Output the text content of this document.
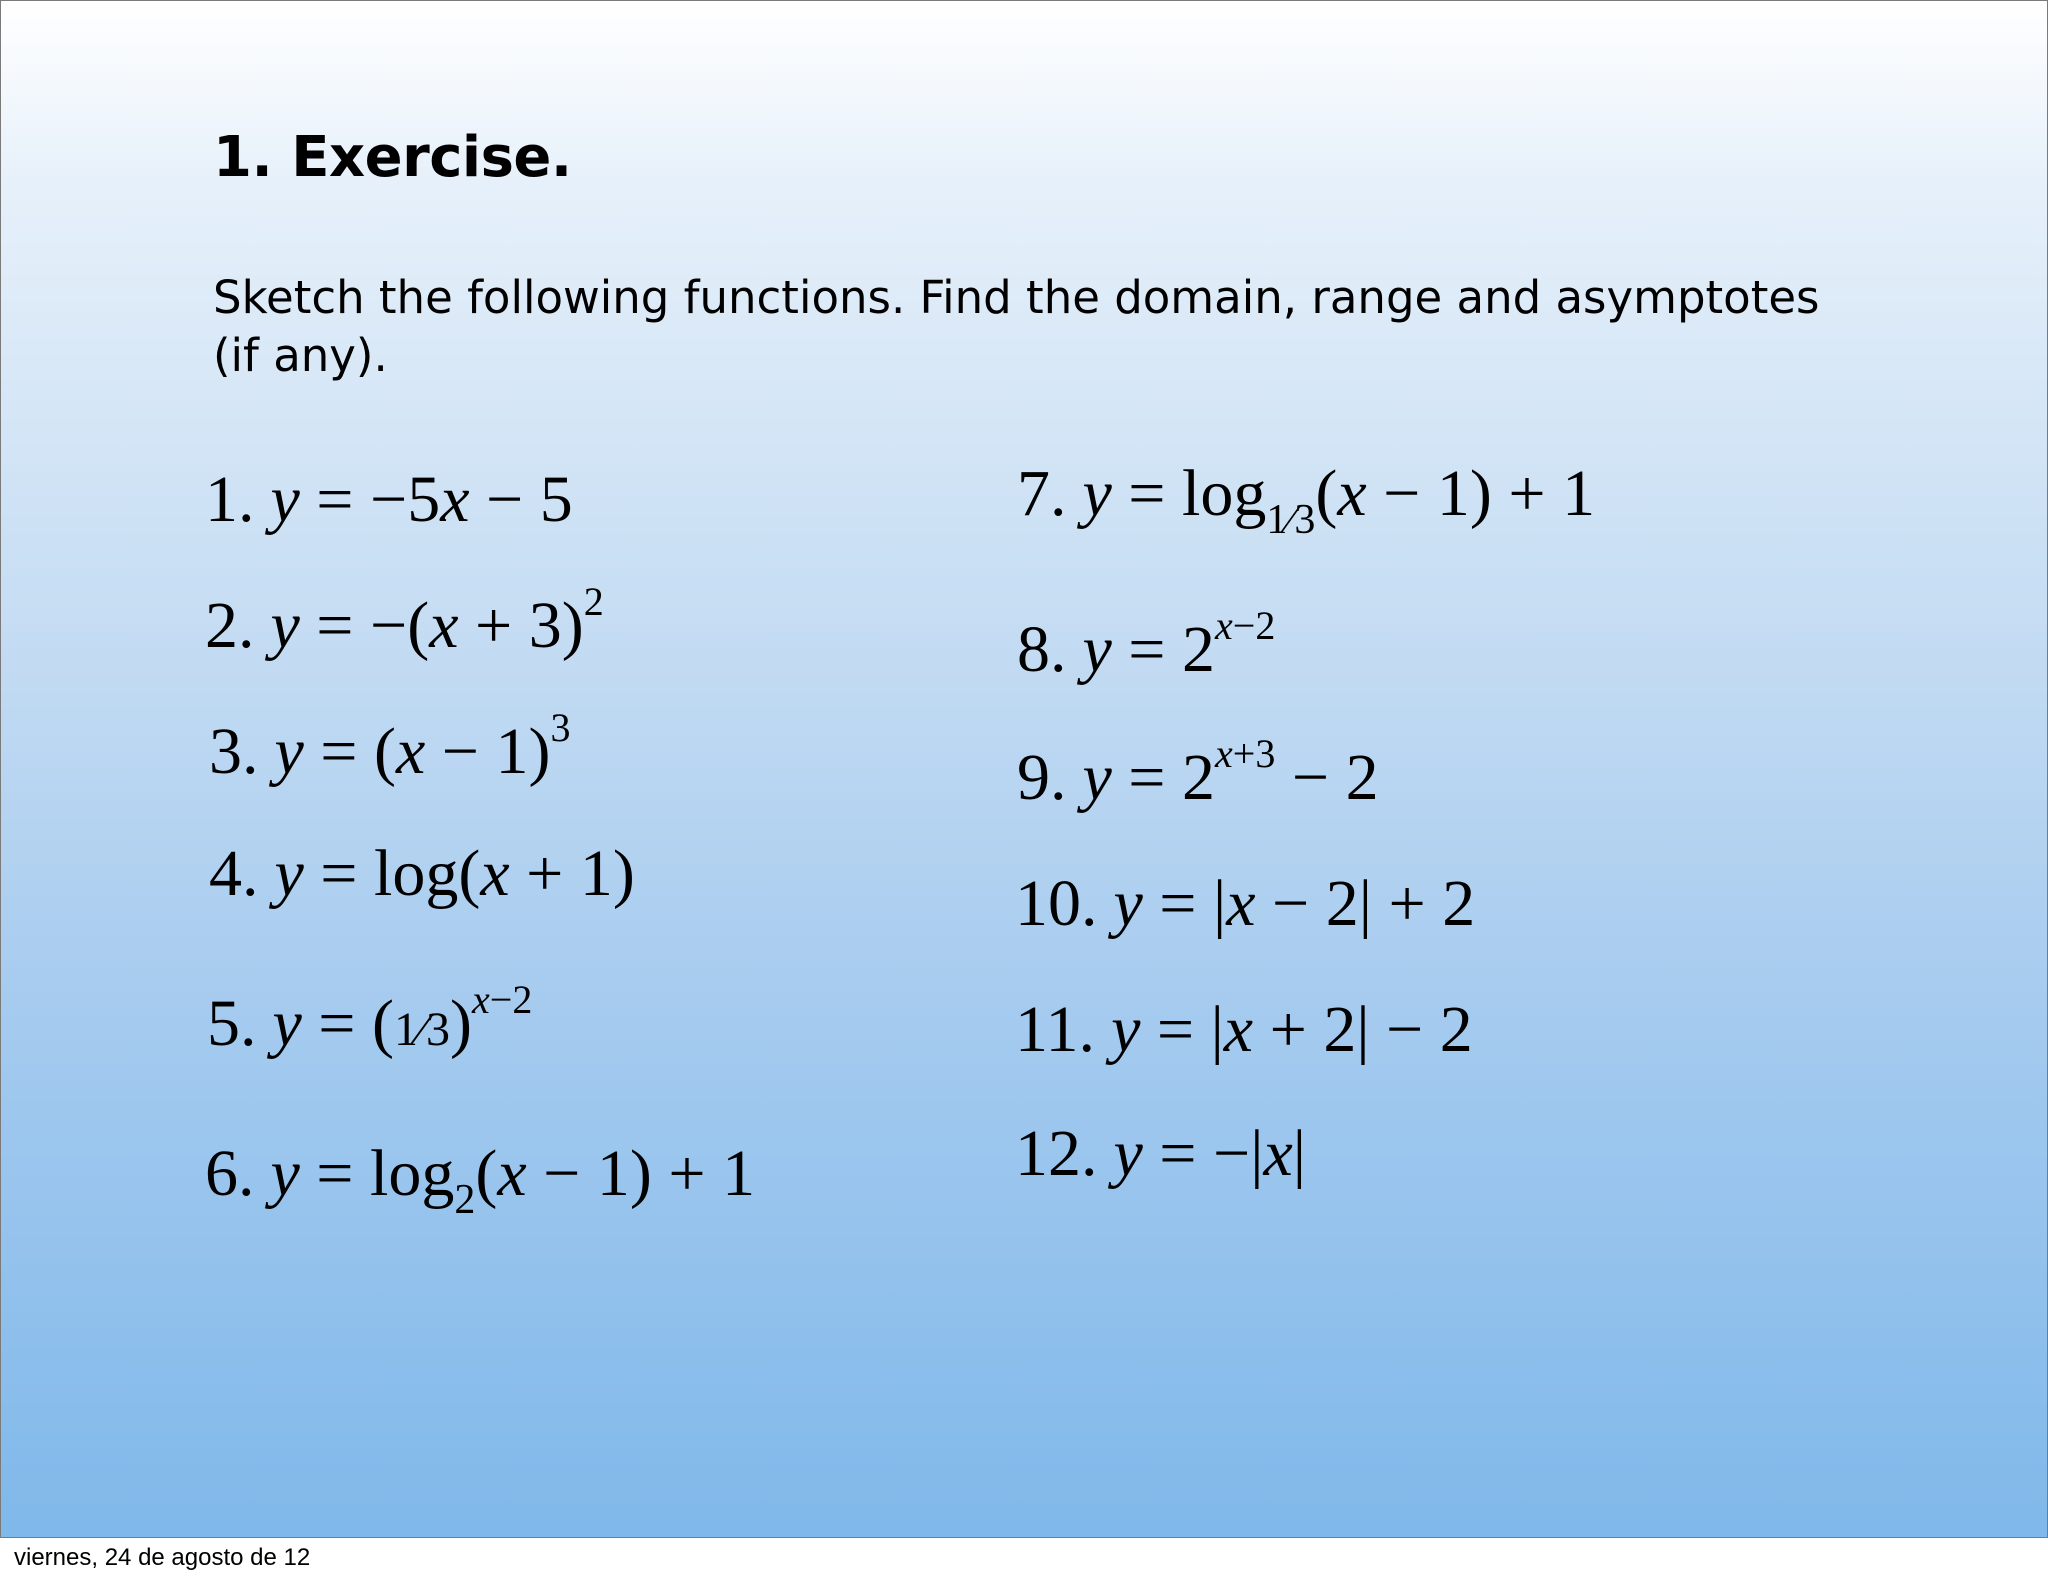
1. Exercise.
Sketch the following functions. Find the domain, range and asymptotes (if any).
1. y = −5x − 5
2. $y = -(x + 3)^2$
3. $y = (x - 1)^3$
4. y = log(x + 1)
5. y = (1⁄3)$^{x-2}$
6. $y = \log_2(x - 1) + 1$
7. $y = \log_{1⁄3}(x - 1) + 1$
8. $y = 2^{x-2}$
9. $y = 2^{x+3} - 2$
10. y = |x − 2| + 2
11. y = |x + 2| − 2
12. y = −|x|
viernes, 24 de agosto de 12
